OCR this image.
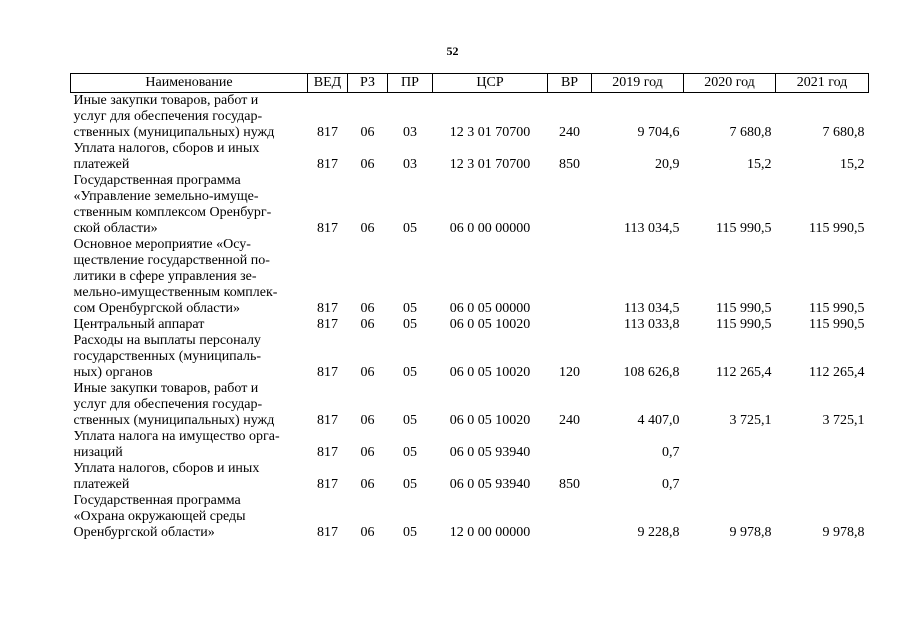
52
Наименование	ВЕД	РЗ	ПР	ЦСР	ВР	2019 год	2020 год	2021 год

Иные закупки товаров, работ и
услуг для обеспечения государ-
ственных (муниципальных) нужд	817	06	03	12 3 01 70700	240	9 704,6	7 680,8	7 680,8

Уплата налогов, сборов и иных
платежей	817	06	03	12 3 01 70700	850	20,9	15,2	15,2

Государственная программа
«Управление земельно-имуще-
ственным комплексом Оренбург-
ской области»	817	06	05	06 0 00 00000		113 034,5	115 990,5	115 990,5

Основное мероприятие «Осу-
ществление государственной по-
литики в сфере управления зе-
мельно-имущественным комплек-
сом Оренбургской области»	817	06	05	06 0 05 00000		113 034,5	115 990,5	115 990,5

Центральный аппарат	817	06	05	06 0 05 10020		113 033,8	115 990,5	115 990,5

Расходы на выплаты персоналу
государственных (муниципаль-
ных) органов	817	06	05	06 0 05 10020	120	108 626,8	112 265,4	112 265,4

Иные закупки товаров, работ и
услуг для обеспечения государ-
ственных (муниципальных) нужд	817	06	05	06 0 05 10020	240	4 407,0	3 725,1	3 725,1

Уплата налога на имущество орга-
низаций	817	06	05	06 0 05 93940		0,7		

Уплата налогов, сборов и иных
платежей	817	06	05	06 0 05 93940	850	0,7		

Государственная программа
«Охрана окружающей среды
Оренбургской области»	817	06	05	12 0 00 00000		9 228,8	9 978,8	9 978,8
